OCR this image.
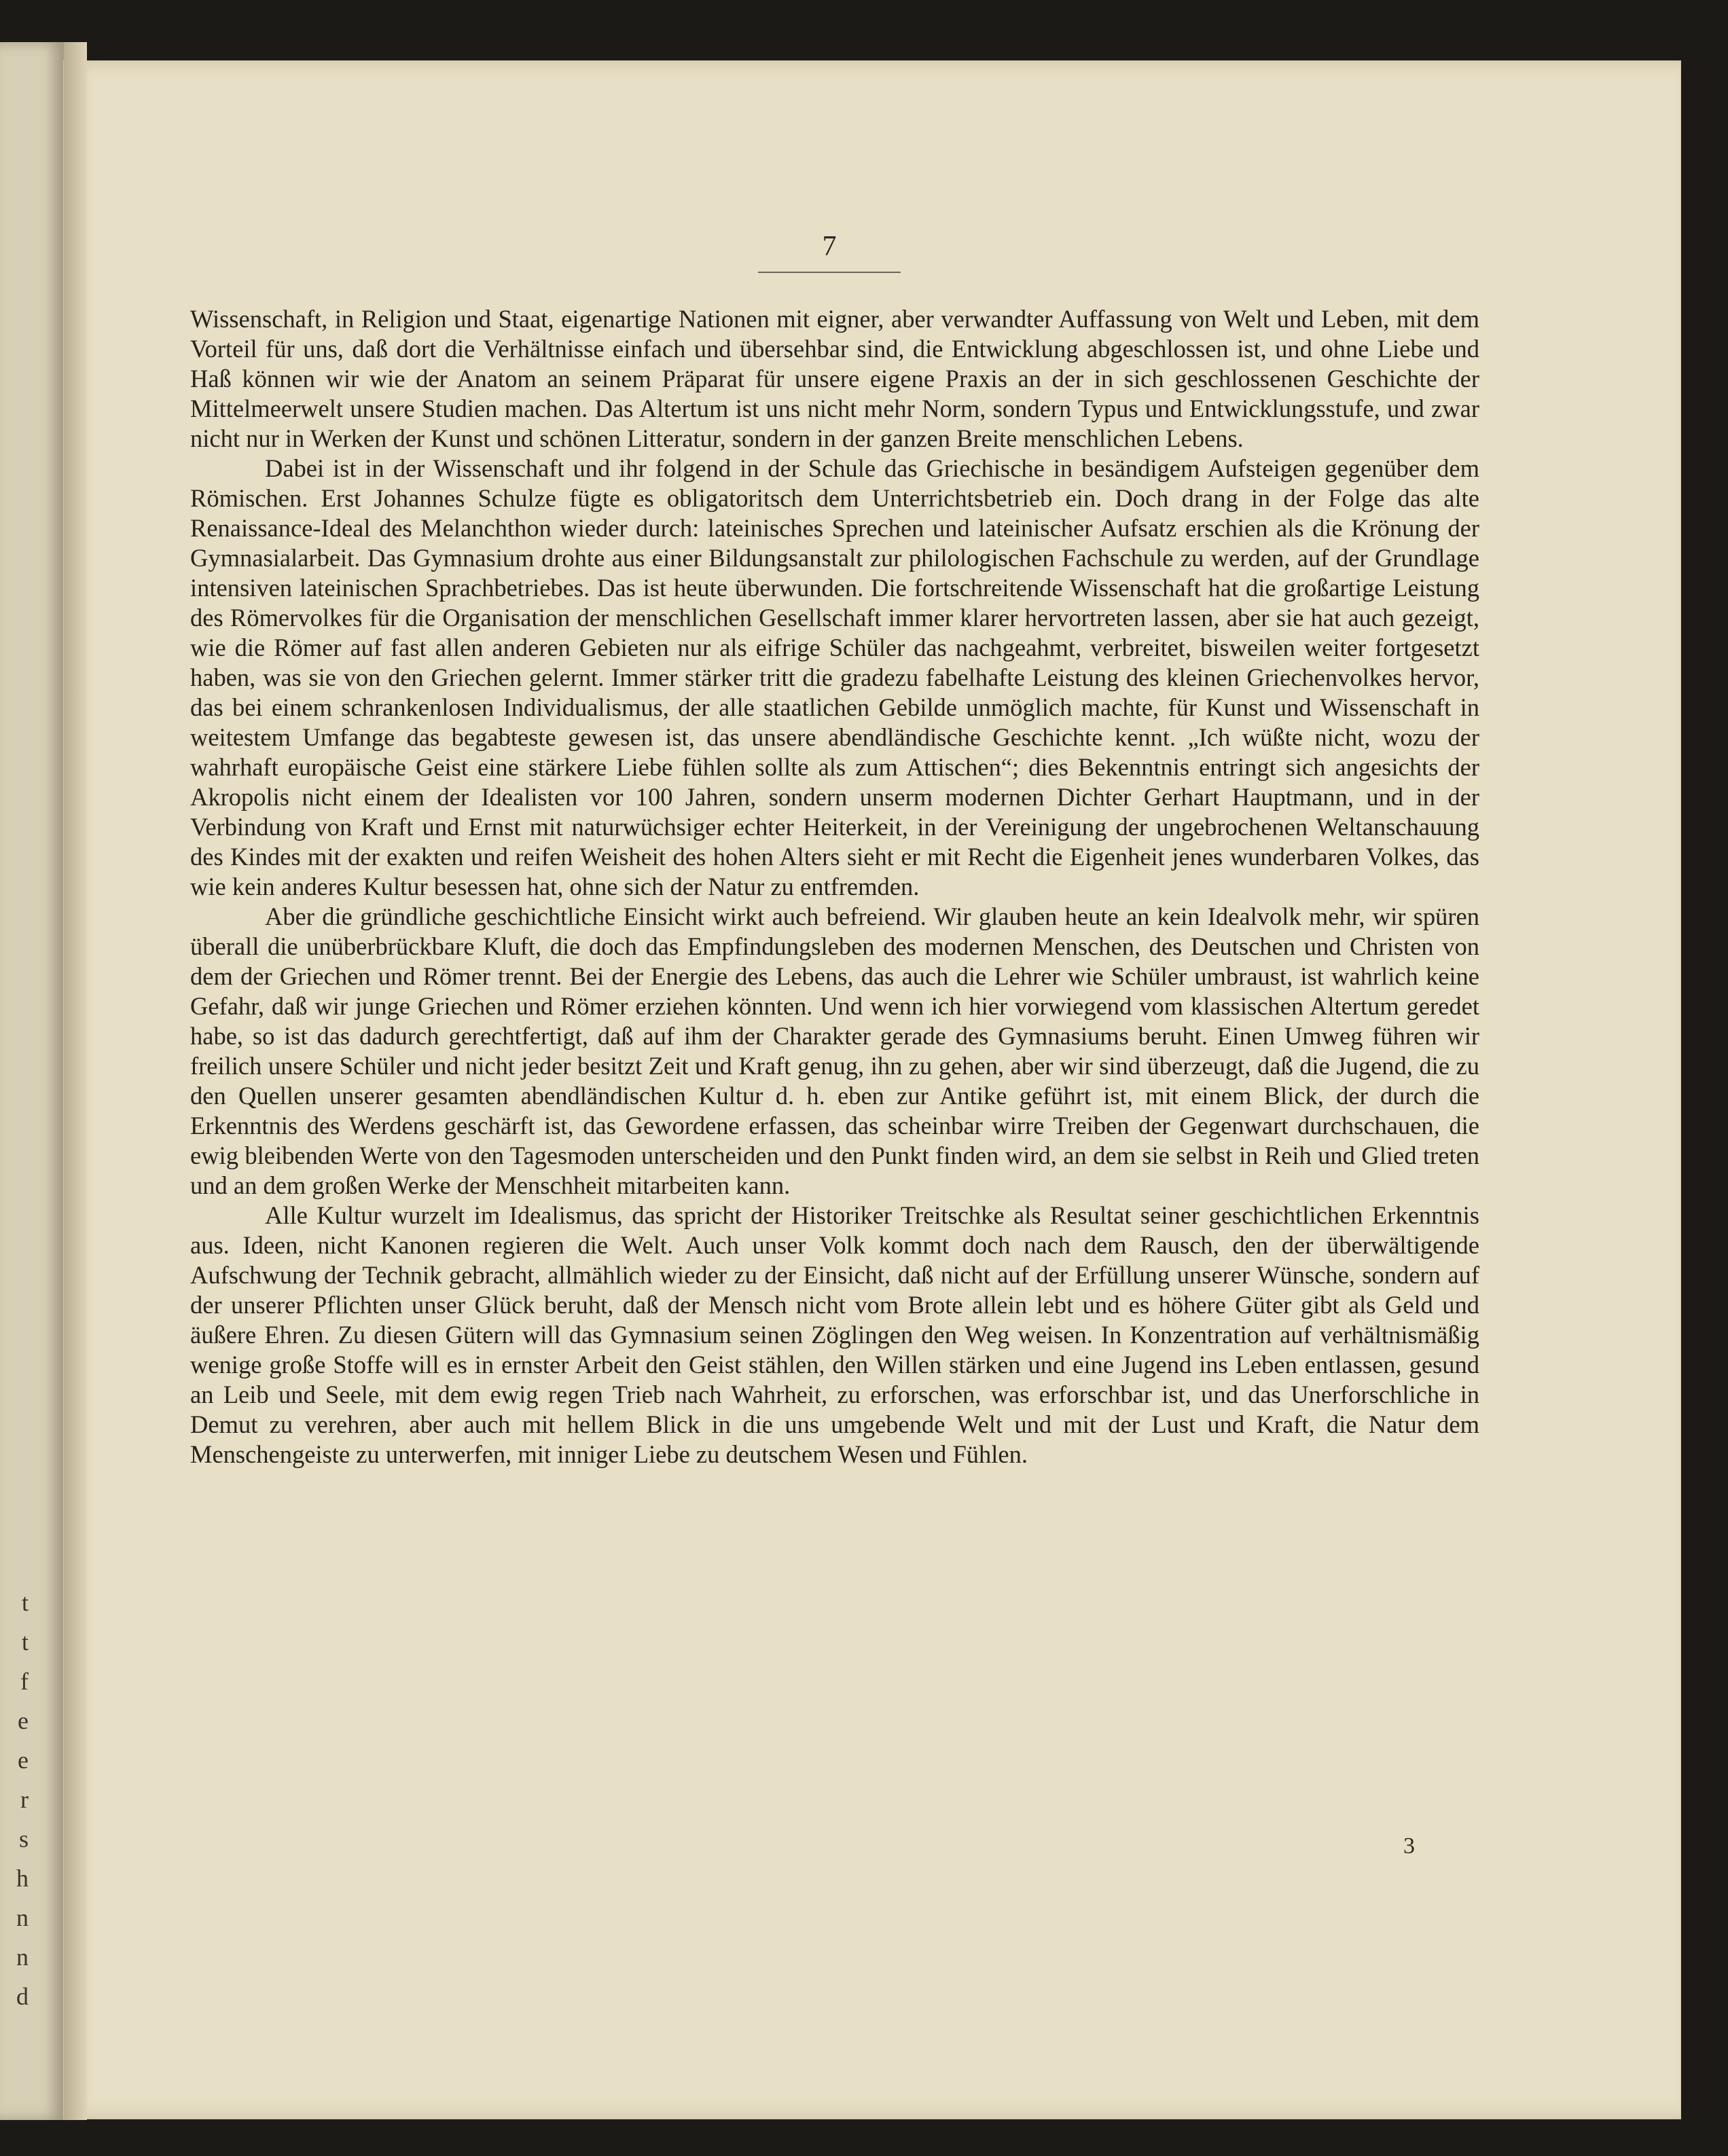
t
t
f
e
e
r
s
h
n
n
d
7

Wissenschaft, in Religion und Staat, eigenartige Nationen mit eigner, aber verwandter Auffassung von Welt und Leben, mit dem Vorteil für uns, daß dort die Verhältnisse einfach und übersehbar sind, die Entwicklung abgeschlossen ist, und ohne Liebe und Haß können wir wie der Anatom an seinem Präparat für unsere eigene Praxis an der in sich geschlossenen Geschichte der Mittelmeerwelt unsere Studien machen. Das Altertum ist uns nicht mehr Norm, sondern Typus und Entwicklungsstufe, und zwar nicht nur in Werken der Kunst und schönen Litteratur, sondern in der ganzen Breite menschlichen Lebens.

Dabei ist in der Wissenschaft und ihr folgend in der Schule das Griechische in besändigem Aufsteigen gegenüber dem Römischen. Erst Johannes Schulze fügte es obligatoritsch dem Unterrichtsbetrieb ein. Doch drang in der Folge das alte Renaissance-Ideal des Melanchthon wieder durch: lateinisches Sprechen und lateinischer Aufsatz erschien als die Krönung der Gymnasialarbeit. Das Gymnasium drohte aus einer Bildungsanstalt zur philologischen Fachschule zu werden, auf der Grundlage intensiven lateinischen Sprachbetriebes. Das ist heute überwunden. Die fortschreitende Wissenschaft hat die großartige Leistung des Römervolkes für die Organisation der menschlichen Gesellschaft immer klarer hervortreten lassen, aber sie hat auch gezeigt, wie die Römer auf fast allen anderen Gebieten nur als eifrige Schüler das nachgeahmt, verbreitet, bisweilen weiter fortgesetzt haben, was sie von den Griechen gelernt. Immer stärker tritt die gradezu fabelhafte Leistung des kleinen Griechenvolkes hervor, das bei einem schrankenlosen Individualismus, der alle staatlichen Gebilde unmöglich machte, für Kunst und Wissenschaft in weitestem Umfange das begabteste gewesen ist, das unsere abendländische Geschichte kennt. „Ich wüßte nicht, wozu der wahrhaft europäische Geist eine stärkere Liebe fühlen sollte als zum Attischen“; dies Bekenntnis entringt sich angesichts der Akropolis nicht einem der Idealisten vor 100 Jahren, sondern unserm modernen Dichter Gerhart Hauptmann, und in der Verbindung von Kraft und Ernst mit naturwüchsiger echter Heiterkeit, in der Vereinigung der ungebrochenen Weltanschauung des Kindes mit der exakten und reifen Weisheit des hohen Alters sieht er mit Recht die Eigenheit jenes wunderbaren Volkes, das wie kein anderes Kultur besessen hat, ohne sich der Natur zu entfremden.

Aber die gründliche geschichtliche Einsicht wirkt auch befreiend. Wir glauben heute an kein Idealvolk mehr, wir spüren überall die unüberbrückbare Kluft, die doch das Empfindungsleben des modernen Menschen, des Deutschen und Christen von dem der Griechen und Römer trennt. Bei der Energie des Lebens, das auch die Lehrer wie Schüler umbraust, ist wahrlich keine Gefahr, daß wir junge Griechen und Römer erziehen könnten. Und wenn ich hier vorwiegend vom klassischen Altertum geredet habe, so ist das dadurch gerechtfertigt, daß auf ihm der Charakter gerade des Gymnasiums beruht. Einen Umweg führen wir freilich unsere Schüler und nicht jeder besitzt Zeit und Kraft genug, ihn zu gehen, aber wir sind überzeugt, daß die Jugend, die zu den Quellen unserer gesamten abendländischen Kultur d. h. eben zur Antike geführt ist, mit einem Blick, der durch die Erkenntnis des Werdens geschärft ist, das Gewordene erfassen, das scheinbar wirre Treiben der Gegenwart durchschauen, die ewig bleibenden Werte von den Tagesmoden unterscheiden und den Punkt finden wird, an dem sie selbst in Reih und Glied treten und an dem großen Werke der Menschheit mitarbeiten kann.

Alle Kultur wurzelt im Idealismus, das spricht der Historiker Treitschke als Resultat seiner geschichtlichen Erkenntnis aus. Ideen, nicht Kanonen regieren die Welt. Auch unser Volk kommt doch nach dem Rausch, den der überwältigende Aufschwung der Technik gebracht, allmählich wieder zu der Einsicht, daß nicht auf der Erfüllung unserer Wünsche, sondern auf der unserer Pflichten unser Glück beruht, daß der Mensch nicht vom Brote allein lebt und es höhere Güter gibt als Geld und äußere Ehren. Zu diesen Gütern will das Gymnasium seinen Zöglingen den Weg weisen. In Konzentration auf verhältnismäßig wenige große Stoffe will es in ernster Arbeit den Geist stählen, den Willen stärken und eine Jugend ins Leben entlassen, gesund an Leib und Seele, mit dem ewig regen Trieb nach Wahrheit, zu erforschen, was erforschbar ist, und das Unerforschliche in Demut zu verehren, aber auch mit hellem Blick in die uns umgebende Welt und mit der Lust und Kraft, die Natur dem Menschengeiste zu unterwerfen, mit inniger Liebe zu deutschem Wesen und Fühlen.

3
